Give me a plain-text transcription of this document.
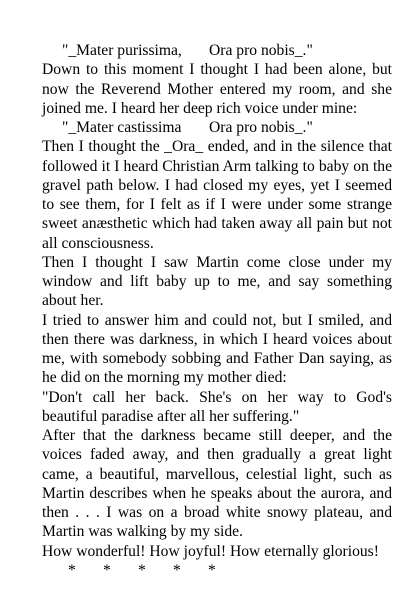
"_Mater purissima, Ora pro nobis_."

Down to this moment I thought I had been alone, but now the Reverend Mother entered my room, and she joined me. I heard her deep rich voice under mine:

"_Mater castissima Ora pro nobis_."

Then I thought the _Ora_ ended, and in the silence that followed it I heard Christian Arm talking to baby on the gravel path below. I had closed my eyes, yet I seemed to see them, for I felt as if I were under some strange sweet anæsthetic which had taken away all pain but not all consciousness.

Then I thought I saw Martin come close under my window and lift baby up to me, and say something about her.

I tried to answer him and could not, but I smiled, and then there was darkness, in which I heard voices about me, with somebody sobbing and Father Dan saying, as he did on the morning my mother died:

"Don't call her back. She's on her way to God's beautiful paradise after all her suffering."

After that the darkness became still deeper, and the voices faded away, and then gradually a great light came, a beautiful, marvellous, celestial light, such as Martin describes when he speaks about the aurora, and then . . . I was on a broad white snowy plateau, and Martin was walking by my side.

How wonderful! How joyful! How eternally glorious!

* * * * *
